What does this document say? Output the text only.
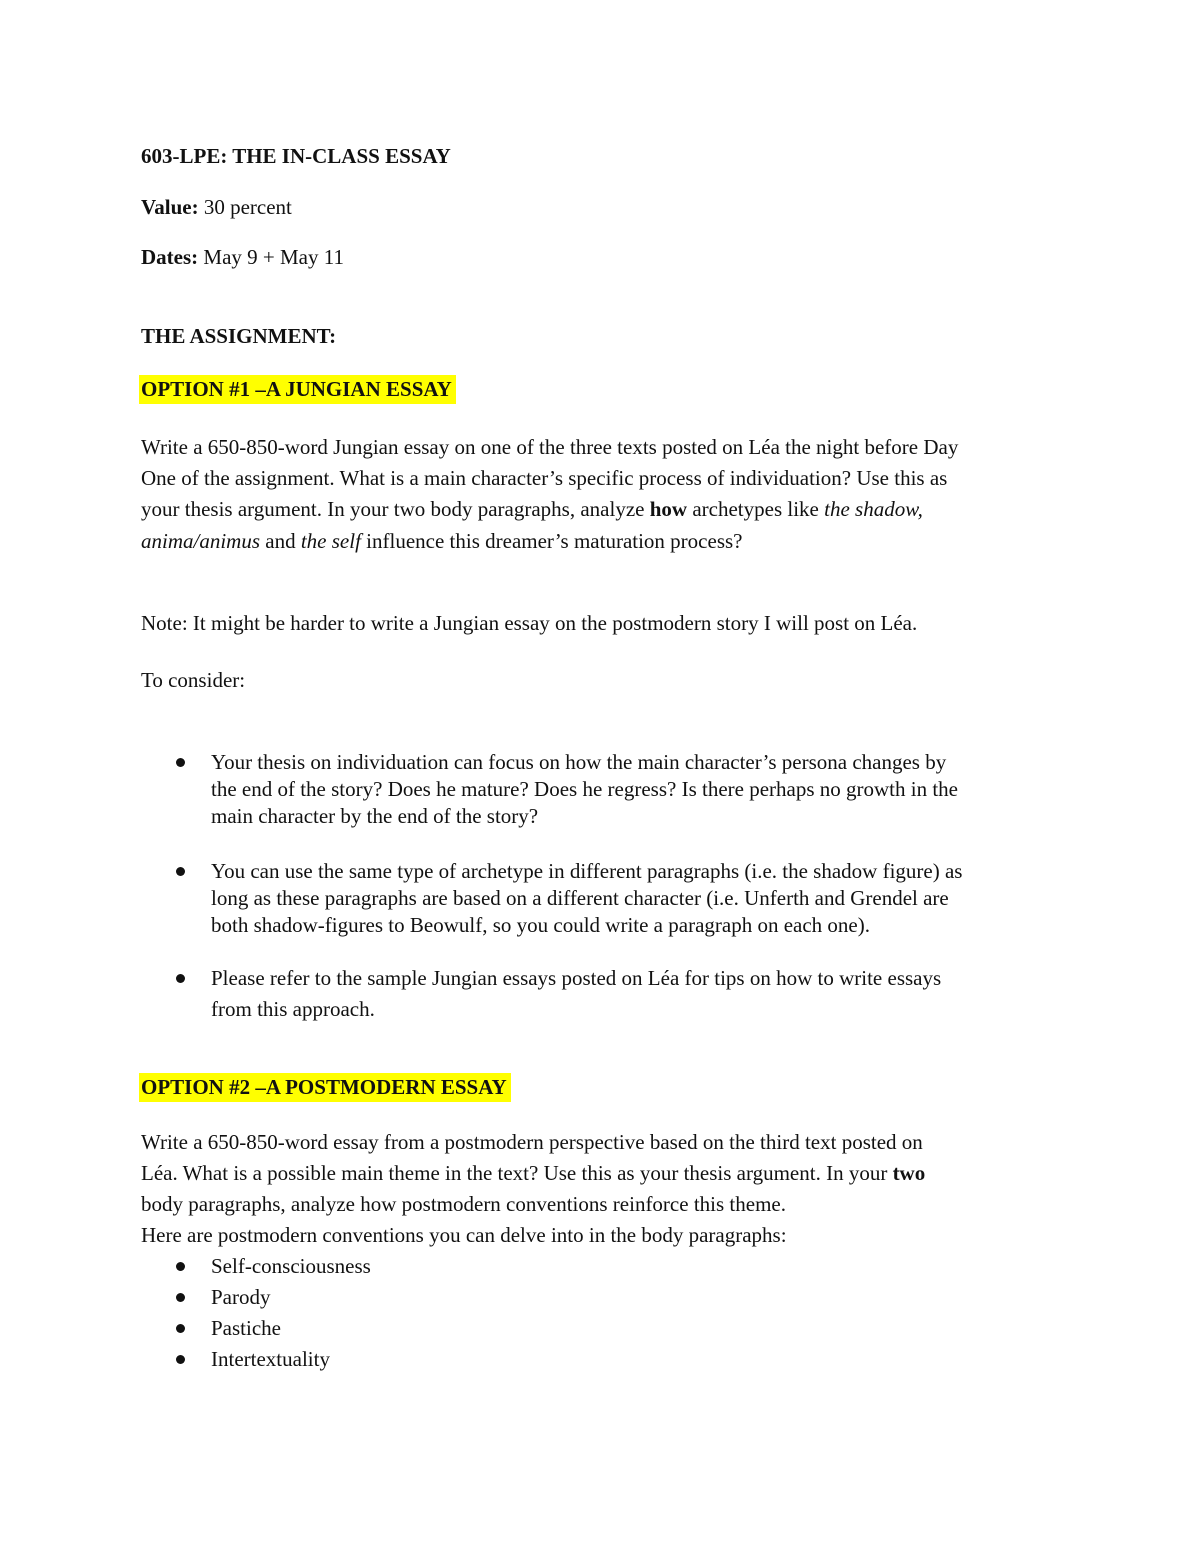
603-LPE: THE IN-CLASS ESSAY
Value: 30 percent
Dates: May 9 + May 11
THE ASSIGNMENT:
OPTION #1 –A JUNGIAN ESSAY
Write a 650-850-word Jungian essay on one of the three texts posted on Léa the night before Day
One of the assignment. What is a main character’s specific process of individuation? Use this as
your thesis argument. In your two body paragraphs, analyze how archetypes like the shadow,
anima/animus and the self influence this dreamer’s maturation process?
Note: It might be harder to write a Jungian essay on the postmodern story I will post on Léa.
To consider:
Your thesis on individuation can focus on how the main character’s persona changes by
the end of the story? Does he mature? Does he regress? Is there perhaps no growth in the
main character by the end of the story?
You can use the same type of archetype in different paragraphs (i.e. the shadow figure) as
long as these paragraphs are based on a different character (i.e. Unferth and Grendel are
both shadow-figures to Beowulf, so you could write a paragraph on each one).
Please refer to the sample Jungian essays posted on Léa for tips on how to write essays
from this approach.
OPTION #2 –A POSTMODERN ESSAY
Write a 650-850-word essay from a postmodern perspective based on the third text posted on
Léa. What is a possible main theme in the text? Use this as your thesis argument. In your two
body paragraphs, analyze how postmodern conventions reinforce this theme.
Here are postmodern conventions you can delve into in the body paragraphs:
Self-consciousness
Parody
Pastiche
Intertextuality
